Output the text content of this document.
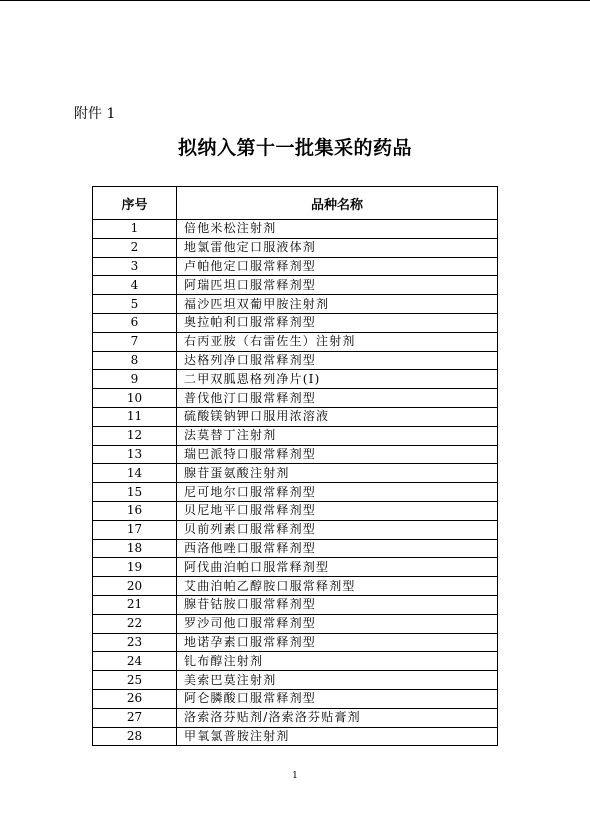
附件 1
拟纳入第十一批集采的药品
序号	品种名称
1	倍他米松注射剂
2	地氯雷他定口服液体剂
3	卢帕他定口服常释剂型
4	阿瑞匹坦口服常释剂型
5	福沙匹坦双葡甲胺注射剂
6	奥拉帕利口服常释剂型
7	右丙亚胺（右雷佐生）注射剂
8	达格列净口服常释剂型
9	二甲双胍恩格列净片(Ⅰ)
10	普伐他汀口服常释剂型
11	硫酸镁钠钾口服用浓溶液
12	法莫替丁注射剂
13	瑞巴派特口服常释剂型
14	腺苷蛋氨酸注射剂
15	尼可地尔口服常释剂型
16	贝尼地平口服常释剂型
17	贝前列素口服常释剂型
18	西洛他唑口服常释剂型
19	阿伐曲泊帕口服常释剂型
20	艾曲泊帕乙醇胺口服常释剂型
21	腺苷钴胺口服常释剂型
22	罗沙司他口服常释剂型
23	地诺孕素口服常释剂型
24	钆布醇注射剂
25	美索巴莫注射剂
26	阿仑膦酸口服常释剂型
27	洛索洛芬贴剂/洛索洛芬贴膏剂
28	甲氧氯普胺注射剂
1
